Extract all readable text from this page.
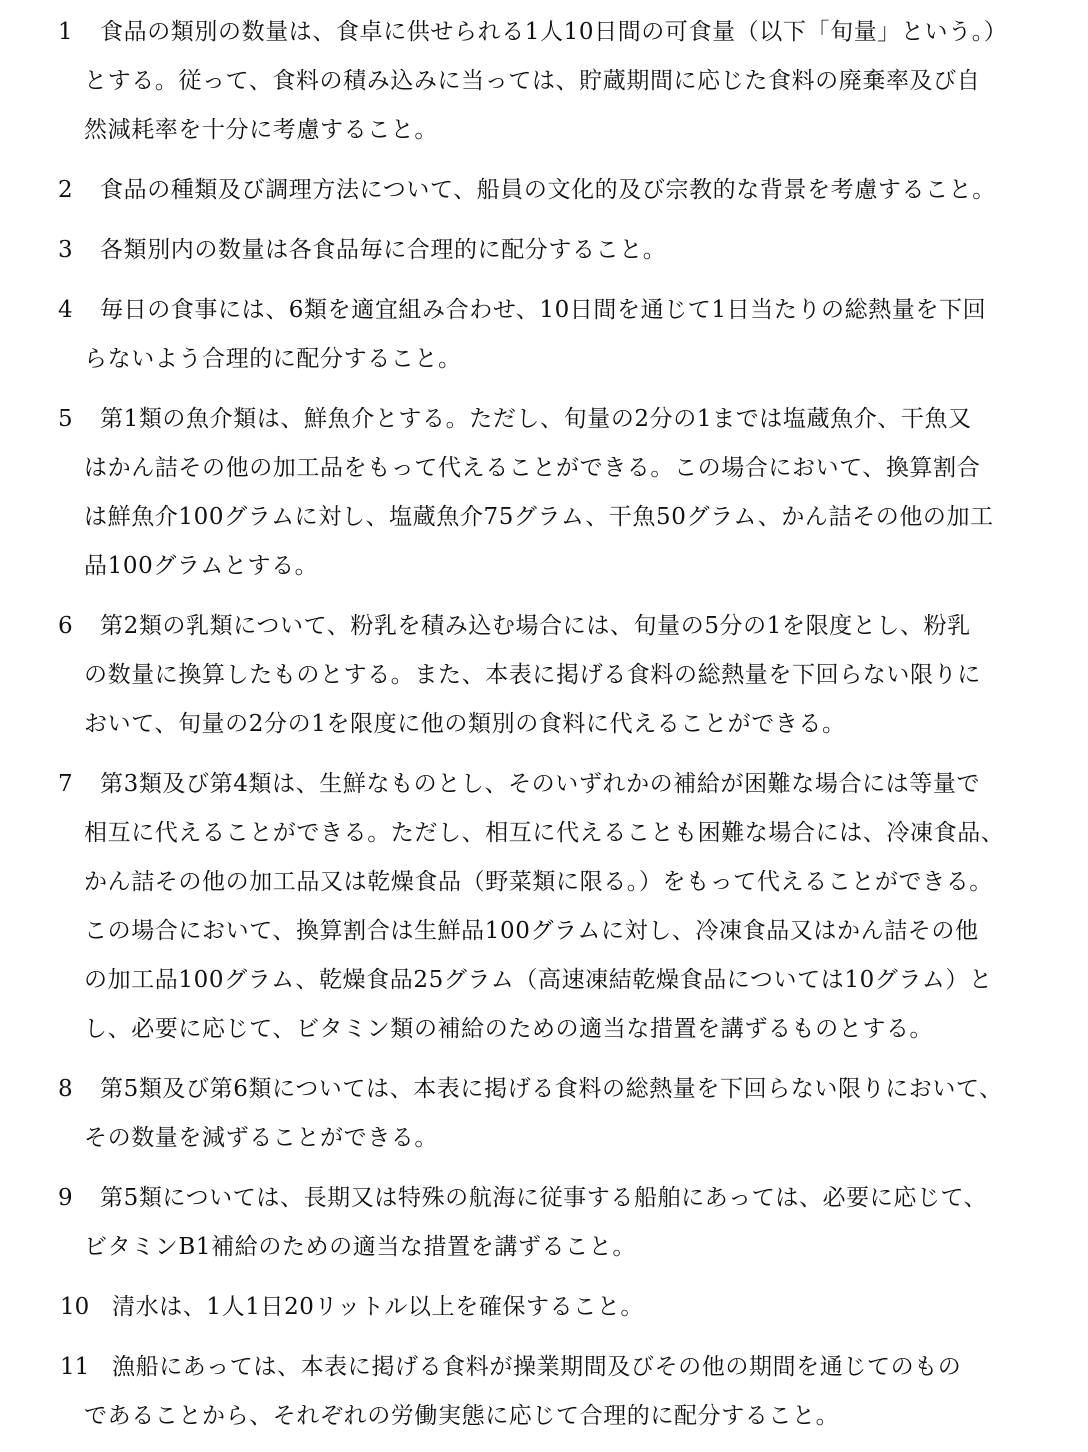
1	食品の類別の数量は、食卓に供せられる1人10日間の可食量（以下「旬量」という。）
とする。従って、食料の積み込みに当っては、貯蔵期間に応じた食料の廃棄率及び自
然減耗率を十分に考慮すること。
2	食品の種類及び調理方法について、船員の文化的及び宗教的な背景を考慮すること。
3	各類別内の数量は各食品毎に合理的に配分すること。
4	毎日の食事には、6類を適宜組み合わせ、10日間を通じて1日当たりの総熱量を下回
らないよう合理的に配分すること。
5	第1類の魚介類は、鮮魚介とする。ただし、旬量の2分の1までは塩蔵魚介、干魚又
はかん詰その他の加工品をもって代えることができる。この場合において、換算割合
は鮮魚介100グラムに対し、塩蔵魚介75グラム、干魚50グラム、かん詰その他の加工
品100グラムとする。
6	第2類の乳類について、粉乳を積み込む場合には、旬量の5分の1を限度とし、粉乳
の数量に換算したものとする。また、本表に掲げる食料の総熱量を下回らない限りに
おいて、旬量の2分の1を限度に他の類別の食料に代えることができる。
7	第3類及び第4類は、生鮮なものとし、そのいずれかの補給が困難な場合には等量で
相互に代えることができる。ただし、相互に代えることも困難な場合には、冷凍食品、
かん詰その他の加工品又は乾燥食品（野菜類に限る。）をもって代えることができる。
この場合において、換算割合は生鮮品100グラムに対し、冷凍食品又はかん詰その他
の加工品100グラム、乾燥食品25グラム（高速凍結乾燥食品については10グラム）と
し、必要に応じて、ビタミン類の補給のための適当な措置を講ずるものとする。
8	第5類及び第6類については、本表に掲げる食料の総熱量を下回らない限りにおいて、
その数量を減ずることができる。
9	第5類については、長期又は特殊の航海に従事する船舶にあっては、必要に応じて、
ビタミンB1補給のための適当な措置を講ずること。
10 清水は、1人1日20リットル以上を確保すること。
11 漁船にあっては、本表に掲げる食料が操業期間及びその他の期間を通じてのもの
であることから、それぞれの労働実態に応じて合理的に配分すること。
